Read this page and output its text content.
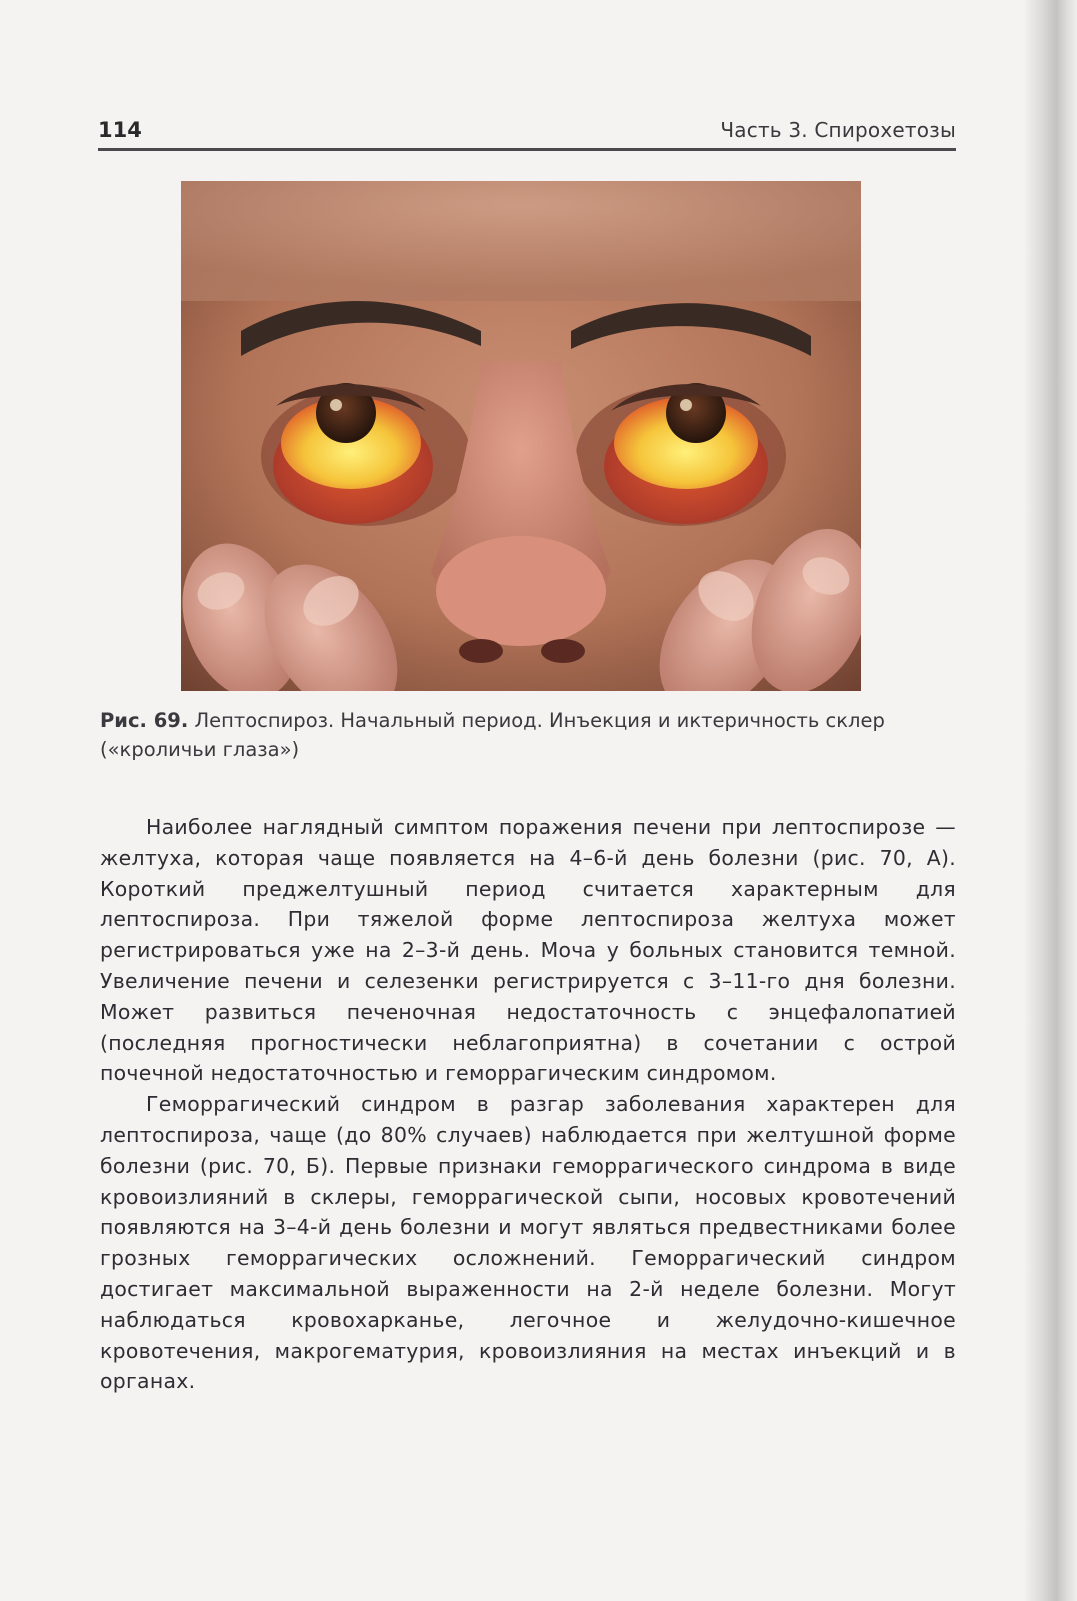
114	Часть 3. Спирохетозы
Рис. 69. Лептоспироз. Начальный период. Инъекция и иктеричность склер («кроличьи глаза»)

Наиболее наглядный симптом поражения печени при лептоспирозе — желтуха, которая чаще появляется на 4–6-й день болезни (рис. 70, А). Короткий преджелтушный период считается характерным для лептоспироза. При тяжелой форме лептоспироза желтуха может регистрироваться уже на 2–3-й день. Моча у больных становится темной. Увеличение печени и селезенки регистрируется с 3–11-го дня болезни. Может развиться печеночная недостаточность с энцефалопатией (последняя прогностически неблагоприятна) в сочетании с острой почечной недостаточностью и геморрагическим синдромом.

Геморрагический синдром в разгар заболевания характерен для лептоспироза, чаще (до 80% случаев) наблюдается при желтушной форме болезни (рис. 70, Б). Первые признаки геморрагического синдрома в виде кровоизлияний в склеры, геморрагической сыпи, носовых кровотечений появляются на 3–4-й день болезни и могут являться предвестниками более грозных геморрагических осложнений. Геморрагический синдром достигает максимальной выраженности на 2-й неделе болезни. Могут наблюдаться кровохарканье, легочное и желудочно-кишечное кровотечения, макрогематурия, кровоизлияния на местах инъекций и в органах.
